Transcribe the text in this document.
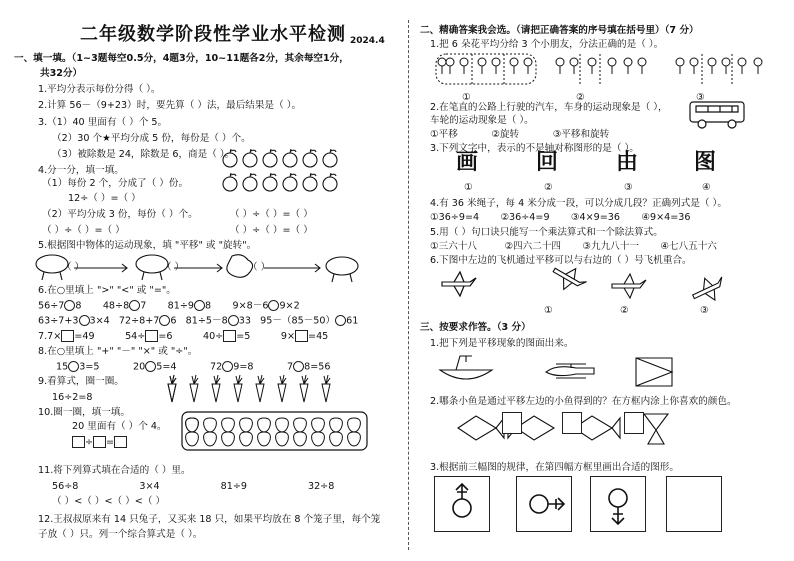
二年级数学阶段性学业水平检测 2024.4
一、填一填。（1~3题每空0.5分，4题3分，10~11题各2分，其余每空1分，
共32分）
1.平均分表示每份分得（ ）。
2.计算 56－（9+23）时，要先算（ ）法，最后结果是（ ）。
3.（1）40 里面有（ ）个 5。
（2）30 个★平均分成 5 份，每份是（ ）个。
（3）被除数是 24，除数是 6，商是（ ）。
4.分一分，填一填。
（1）每份 2 个，分成了（ ）份。
12÷（ ）=（ ）
（2）平均分成 3 份，每份（ ）个。
（ ）÷（ ）=（ ）
（ ）÷（ ）=（ ）
（ ）÷（ ）=（ ）
5.根据图中物体的运动现象，填 "平移" 或 "旋转"。
（ ）	（ ）	（ ）
6.在○里填上 ">" "<" 或 "="。
56÷7 8 48÷8 7 81÷9 8 9×8－6 9×2
63÷7+3 3×4 72÷8+7 6 81÷5－8 33 95－（85－50） 61
7.7× =49	54÷ =6	40÷ =5	9× =45
8.在○里填上 "+" "－" "×" 或 "÷"。
15 3=5	20 5=4	72 9=8	7 8=56
9.看算式，圈一圈。
16÷2=8
10.圈一圈，填一填。
20 里面有（ ）个 4。
÷ =
11.将下列算式填在合适的（ ）里。
56÷8	3×4	81÷9	32÷8
（ ）<（ ）<（ ）<（ ）
12.王叔叔原来有 14 只兔子，又买来 18 只，如果平均放在 8 个笼子里，每个笼
子放（ ）只。列一个综合算式是（ ）。
二、精确答案我会选。（请把正确答案的序号填在括号里）（7 分）
1.把 6 朵花平均分给 3 个小朋友，分法正确的是（ ）。
①	②	③
2.在笔直的公路上行驶的汽车，车身的运动现象是（ ），
车轮的运动现象是（ ）。
①平移	②旋转	③平移和旋转
3.下列文字中，表示的不是轴对称图形的是（ ）。
画	回	由	图
①	②	③	④
4.有 36 米绳子，每 4 米分成一段，可以分成几段？正确列式是（ ）。
①36÷9=4 ②36÷4=9 ③4×9=36 ④9×4=36
5.用（ ）句口诀只能写一个乘法算式和一个除法算式。
①三六十八	②四六二十四 ③九九八十一 ④七八五十六
6.下图中左边的飞机通过平移可以与右边的（ ）号飞机重合。
①	②	③
三、按要求作答。（3 分）
1.把下列是平移现象的图面出来。
2.哪条小鱼是通过平移左边的小鱼得到的？在方框内涂上你喜欢的颜色。
3.根据前三幅图的规律，在第四幅方框里画出合适的图形。
